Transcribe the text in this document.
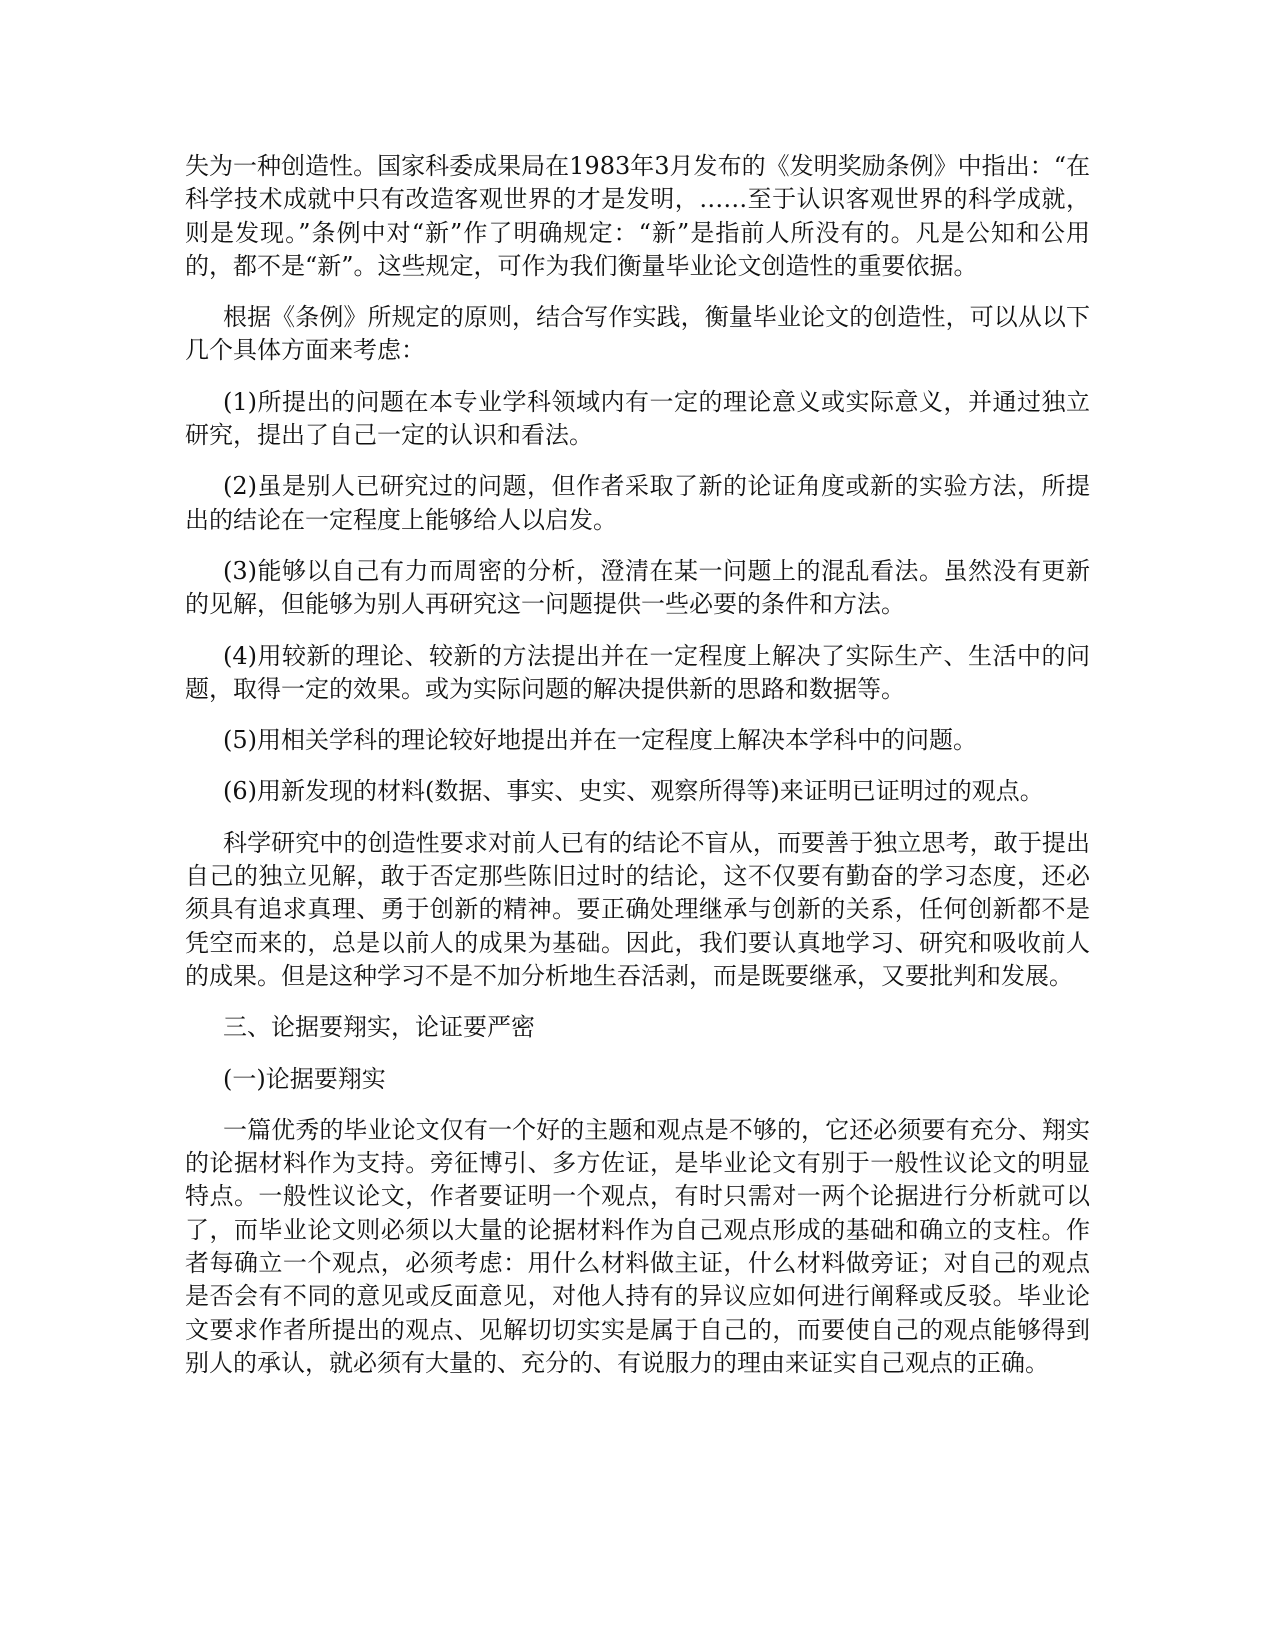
失为一种创造性。国家科委成果局在1983年3月发布的《发明奖励条例》中指出：“在科学技术成就中只有改造客观世界的才是发明，……至于认识客观世界的科学成就，则是发现。”条例中对“新”作了明确规定：“新”是指前人所没有的。凡是公知和公用的，都不是“新”。这些规定，可作为我们衡量毕业论文创造性的重要依据。

根据《条例》所规定的原则，结合写作实践，衡量毕业论文的创造性，可以从以下几个具体方面来考虑：

(1)所提出的问题在本专业学科领域内有一定的理论意义或实际意义，并通过独立研究，提出了自己一定的认识和看法。

(2)虽是别人已研究过的问题，但作者采取了新的论证角度或新的实验方法，所提出的结论在一定程度上能够给人以启发。

(3)能够以自己有力而周密的分析，澄清在某一问题上的混乱看法。虽然没有更新的见解，但能够为别人再研究这一问题提供一些必要的条件和方法。

(4)用较新的理论、较新的方法提出并在一定程度上解决了实际生产、生活中的问题，取得一定的效果。或为实际问题的解决提供新的思路和数据等。

(5)用相关学科的理论较好地提出并在一定程度上解决本学科中的问题。

(6)用新发现的材料(数据、事实、史实、观察所得等)来证明已证明过的观点。

科学研究中的创造性要求对前人已有的结论不盲从，而要善于独立思考，敢于提出自己的独立见解，敢于否定那些陈旧过时的结论，这不仅要有勤奋的学习态度，还必须具有追求真理、勇于创新的精神。要正确处理继承与创新的关系，任何创新都不是凭空而来的，总是以前人的成果为基础。因此，我们要认真地学习、研究和吸收前人的成果。但是这种学习不是不加分析地生吞活剥，而是既要继承，又要批判和发展。

三、论据要翔实，论证要严密

(一)论据要翔实

一篇优秀的毕业论文仅有一个好的主题和观点是不够的，它还必须要有充分、翔实的论据材料作为支持。旁征博引、多方佐证，是毕业论文有别于一般性议论文的明显特点。一般性议论文，作者要证明一个观点，有时只需对一两个论据进行分析就可以了，而毕业论文则必须以大量的论据材料作为自己观点形成的基础和确立的支柱。作者每确立一个观点，必须考虑：用什么材料做主证，什么材料做旁证；对自己的观点是否会有不同的意见或反面意见，对他人持有的异议应如何进行阐释或反驳。毕业论文要求作者所提出的观点、见解切切实实是属于自己的，而要使自己的观点能够得到别人的承认，就必须有大量的、充分的、有说服力的理由来证实自己观点的正确。
